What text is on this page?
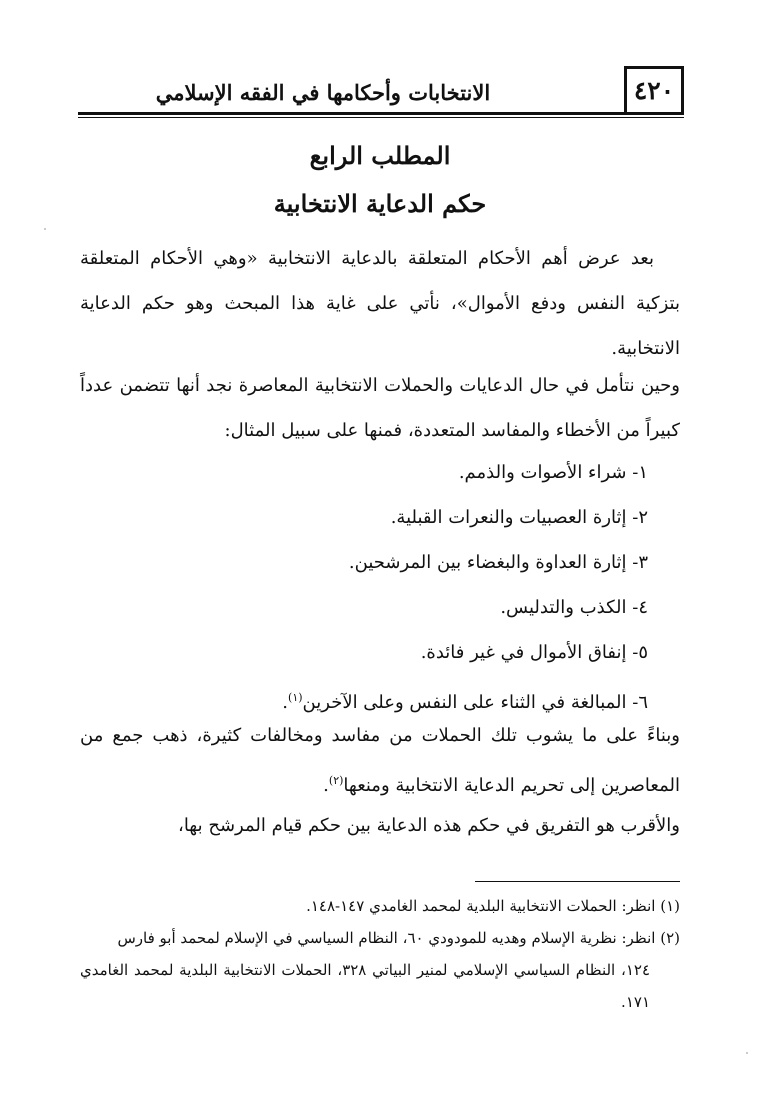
٤٢٠
الانتخابات وأحكامها في الفقه الإسلامي
المطلب الرابع
حكم الدعاية الانتخابية

بعد عرض أهم الأحكام المتعلقة بالدعاية الانتخابية «وهي الأحكام المتعلقة بتزكية النفس ودفع الأموال»، نأتي على غاية هذا المبحث وهو حكم الدعاية الانتخابية.

وحين نتأمل في حال الدعايات والحملات الانتخابية المعاصرة نجد أنها تتضمن عدداً كبيراً من الأخطاء والمفاسد المتعددة، فمنها على سبيل المثال:

١- شراء الأصوات والذمم.
٢- إثارة العصبيات والنعرات القبلية.
٣- إثارة العداوة والبغضاء بين المرشحين.
٤- الكذب والتدليس.
٥- إنفاق الأموال في غير فائدة.
٦- المبالغة في الثناء على النفس وعلى الآخرين$^{(١)}$.

وبناءً على ما يشوب تلك الحملات من مفاسد ومخالفات كثيرة، ذهب جمع من المعاصرين إلى تحريم الدعاية الانتخابية ومنعها$^{(٢)}$.

والأقرب هو التفريق في حكم هذه الدعاية بين حكم قيام المرشح بها،

(١) انظر: الحملات الانتخابية البلدية لمحمد الغامدي ١٤٧-١٤٨.

(٢) انظر: نظرية الإسلام وهديه للمودودي ٦٠، النظام السياسي في الإسلام لمحمد أبو فارس
١٢٤، النظام السياسي الإسلامي لمنير البياتي ٣٢٨، الحملات الانتخابية البلدية لمحمد الغامدي ١٧١.
